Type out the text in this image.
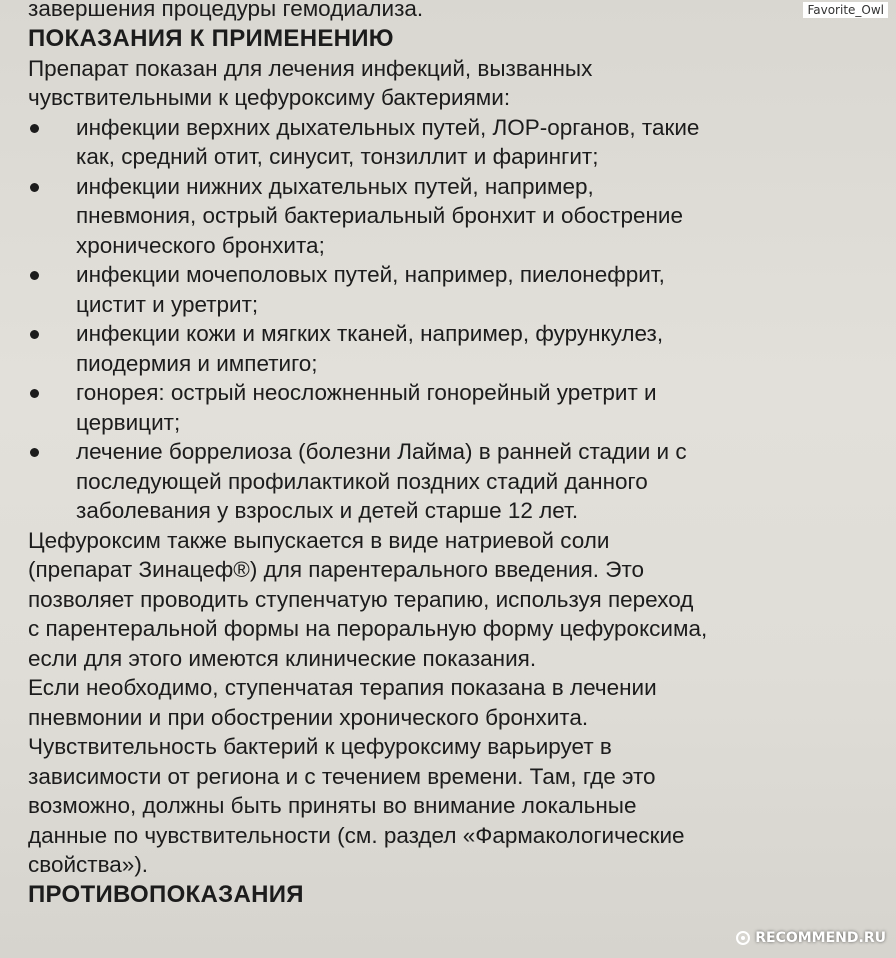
завершения процедуры гемодиализа.
ПОКАЗАНИЯ К ПРИМЕНЕНИЮ
Препарат показан для лечения инфекций, вызванных
чувствительными к цефуроксиму бактериями:
инфекции верхних дыхательных путей, ЛОР-органов, такие
как, средний отит, синусит, тонзиллит и фарингит;
инфекции нижних дыхательных путей, например,
пневмония, острый бактериальный бронхит и обострение
хронического бронхита;
инфекции мочеполовых путей, например, пиелонефрит,
цистит и уретрит;
инфекции кожи и мягких тканей, например, фурункулез,
пиодермия и импетиго;
гонорея: острый неосложненный гонорейный уретрит и
цервицит;
лечение боррелиоза (болезни Лайма) в ранней стадии и с
последующей профилактикой поздних стадий данного
заболевания у взрослых и детей старше 12 лет.
Цефуроксим также выпускается в виде натриевой соли
(препарат Зинацеф®) для парентерального введения. Это
позволяет проводить ступенчатую терапию, используя переход
с парентеральной формы на пероральную форму цефуроксима,
если для этого имеются клинические показания.
Если необходимо, ступенчатая терапия показана в лечении
пневмонии и при обострении хронического бронхита.
Чувствительность бактерий к цефуроксиму варьирует в
зависимости от региона и с течением времени. Там, где это
возможно, должны быть приняты во внимание локальные
данные по чувствительности (см. раздел «Фармакологические
свойства»).
ПРОТИВОПОКАЗАНИЯ
Favorite_Owl
RECOMMEND.RU
